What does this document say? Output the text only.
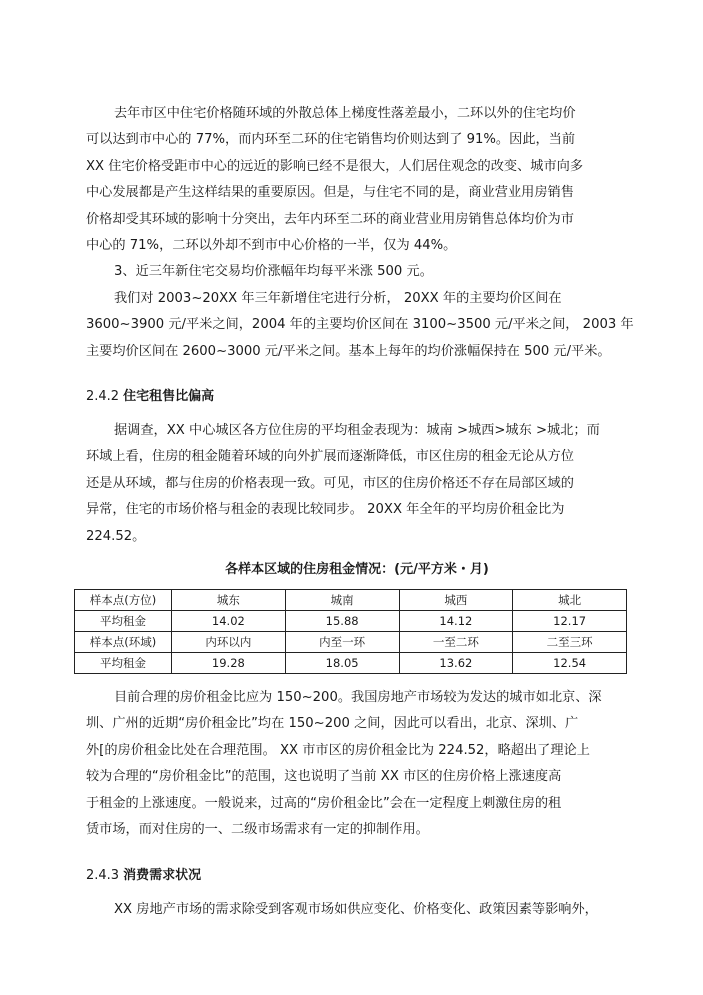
去年市区中住宅价格随环域的外散总体上梯度性落差最小，二环以外的住宅均价
可以达到市中心的 77%，而内环至二环的住宅销售均价则达到了 91%。因此，当前
XX 住宅价格受距市中心的远近的影响已经不是很大，人们居住观念的改变、城市向多
中心发展都是产生这样结果的重要原因。但是，与住宅不同的是，商业营业用房销售
价格却受其环域的影响十分突出，去年内环至二环的商业营业用房销售总体均价为市
中心的 71%，二环以外却不到市中心价格的一半，仅为 44%。
3、近三年新住宅交易均价涨幅年均每平米涨 500 元。
我们对 2003~20XX 年三年新增住宅进行分析， 20XX 年的主要均价区间在
3600~3900 元/平米之间，2004 年的主要均价区间在 3100~3500 元/平米之间， 2003 年
主要均价区间在 2600~3000 元/平米之间。基本上每年的均价涨幅保持在 500 元/平米。
2.4.2 住宅租售比偏高
据调查，XX 中心城区各方位住房的平均租金表现为：城南 >城西>城东 >城北；而
环域上看，住房的租金随着环域的向外扩展而逐渐降低，市区住房的租金无论从方位
还是从环域，都与住房的价格表现一致。可见，市区的住房价格还不存在局部区域的
异常，住宅的市场价格与租金的表现比较同步。 20XX 年全年的平均房价租金比为
224.52。
各样本区域的住房租金情况：(元/平方米・月)
样本点(方位)	城东	城南	城西	城北
平均租金	14.02	15.88	14.12	12.17
样本点(环域)	内环以内	内至一环	一至二环	二至三环
平均租金	19.28	18.05	13.62	12.54
目前合理的房价租金比应为 150~200。我国房地产市场较为发达的城市如北京、深
圳、广州的近期“房价租金比”均在 150~200 之间，因此可以看出，北京、深圳、广
外[的房价租金比处在合理范围。 XX 市市区的房价租金比为 224.52，略超出了理论上
较为合理的“房价租金比”的范围，这也说明了当前 XX 市区的住房价格上涨速度高
于租金的上涨速度。一般说来，过高的“房价租金比”会在一定程度上刺激住房的租
赁市场，而对住房的一、二级市场需求有一定的抑制作用。
2.4.3 消费需求状况
XX 房地产市场的需求除受到客观市场如供应变化、价格变化、政策因素等影响外，
